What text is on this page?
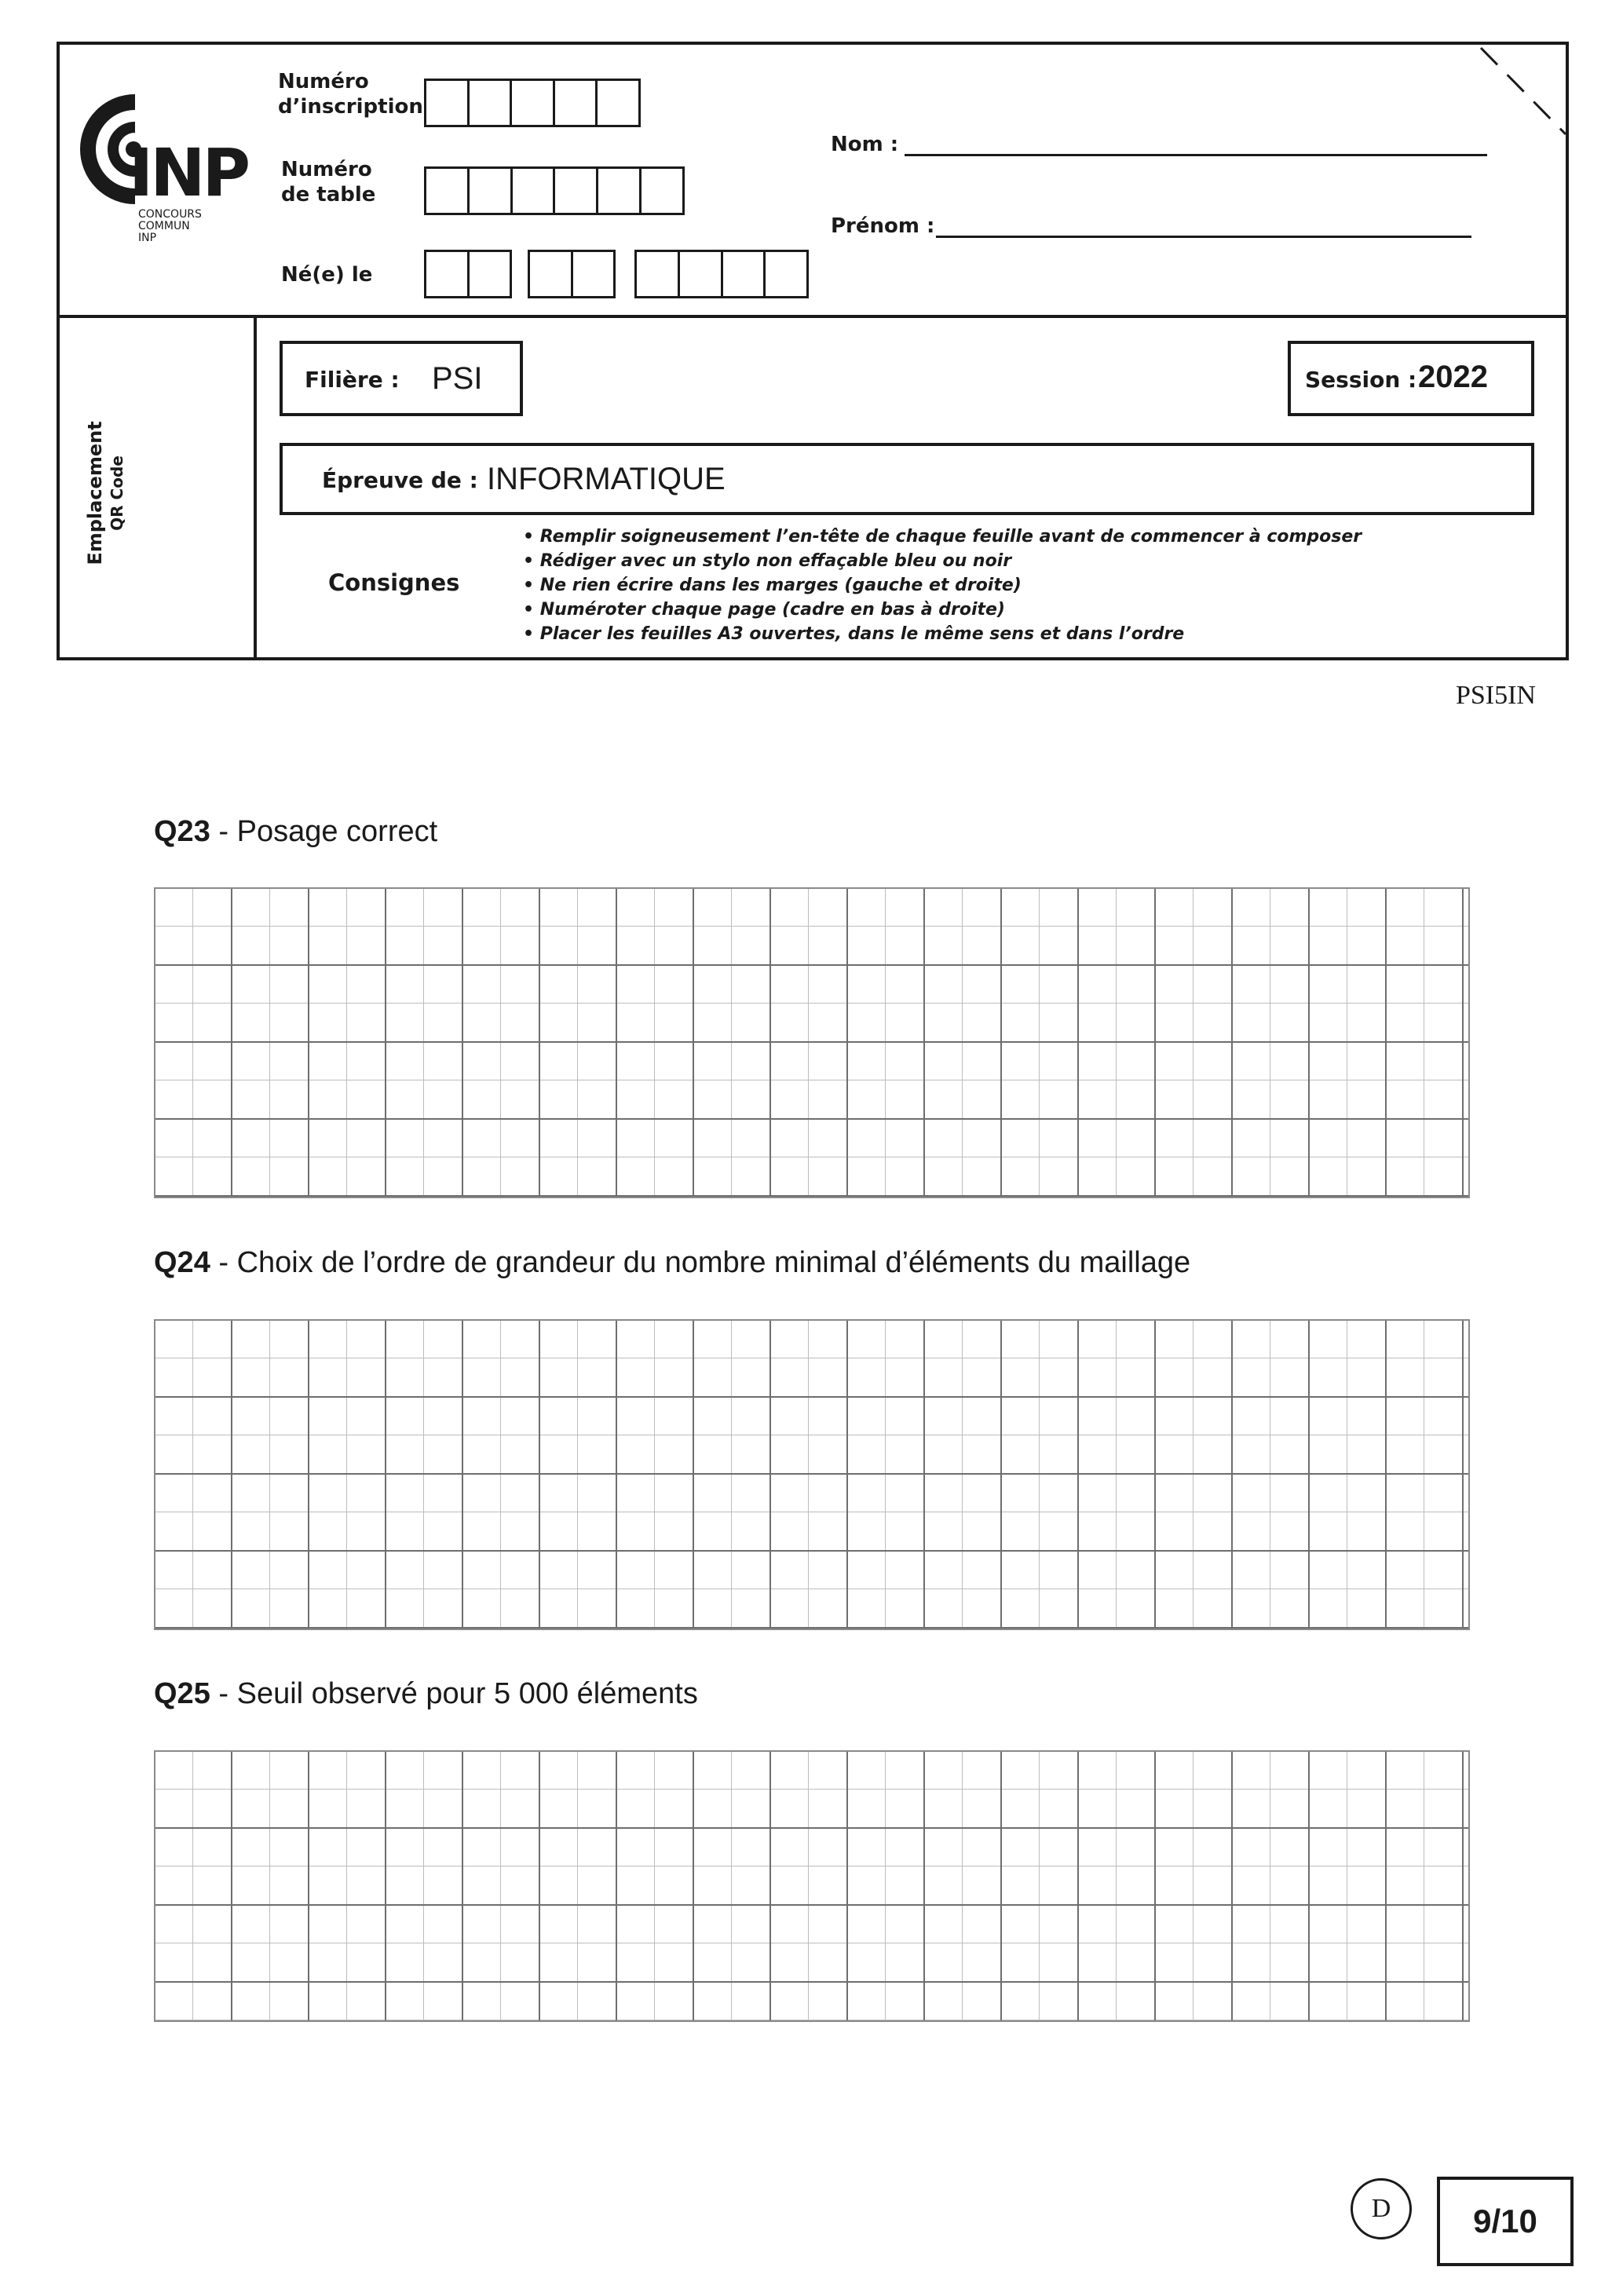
INP
CONCOURS
COMMUN
INP
Numéro
d’inscription
Numéro
de table
Né(e) le
Nom :
Prénom :
Emplacement QR Code
Filière : PSI	Session : 2022
Épreuve de : INFORMATIQUE
Consignes
• Remplir soigneusement l’en-tête de chaque feuille avant de commencer à composer
• Rédiger avec un stylo non effaçable bleu ou noir
• Ne rien écrire dans les marges (gauche et droite)
• Numéroter chaque page (cadre en bas à droite)
• Placer les feuilles A3 ouvertes, dans le même sens et dans l’ordre
PSI5IN
Q23 - Posage correct
Q24 - Choix de l’ordre de grandeur du nombre minimal d’éléments du maillage
Q25 - Seuil observé pour 5 000 éléments
D	9/10
